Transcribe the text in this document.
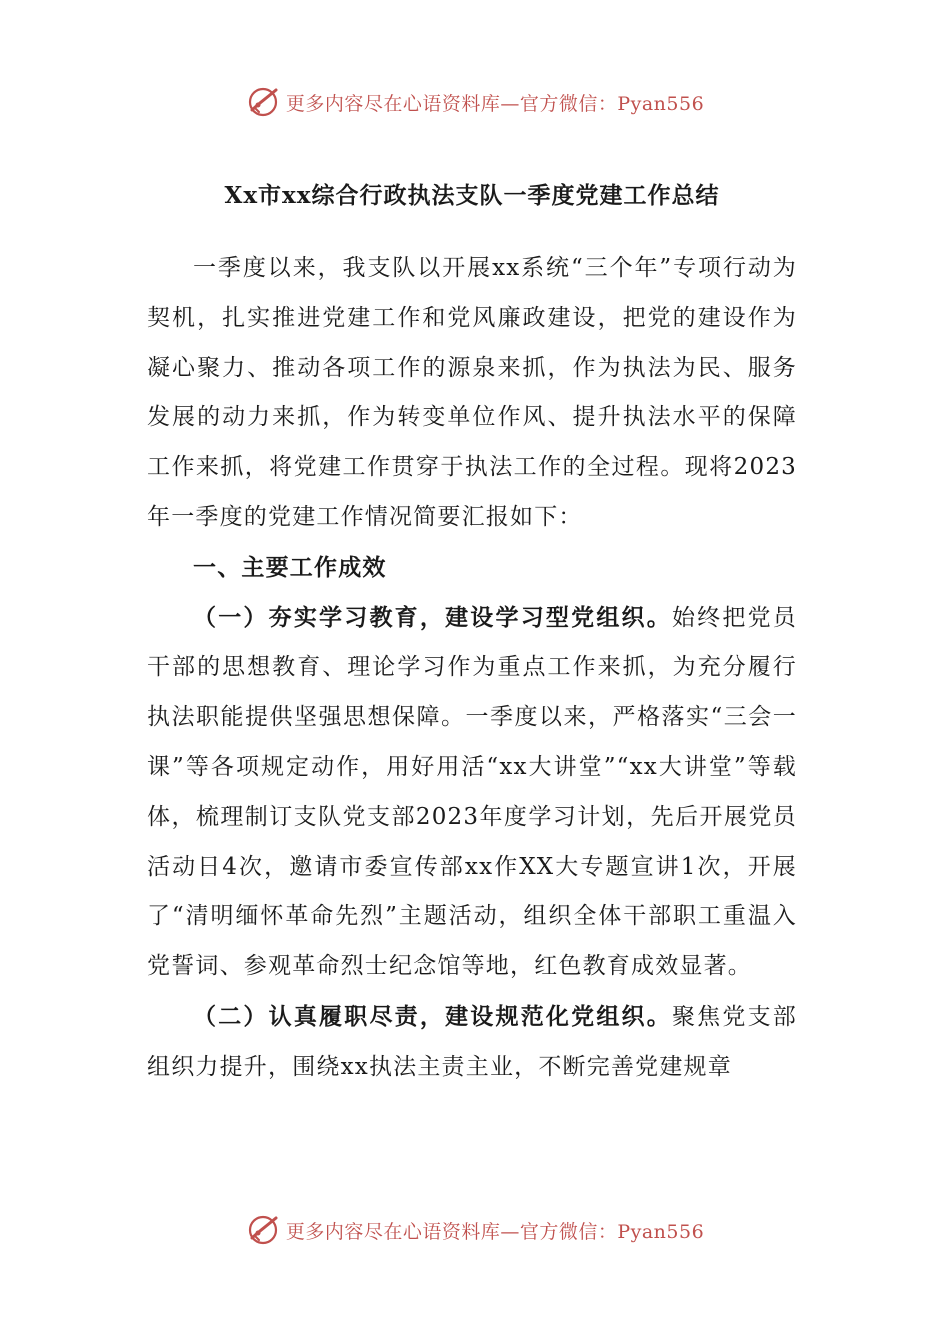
更多内容尽在心语资料库—官方微信：Pyan556
Xx市xx综合行政执法支队一季度党建工作总结

一季度以来，我支队以开展xx系统“三个年”专项行动为契机，扎实推进党建工作和党风廉政建设，把党的建设作为凝心聚力、推动各项工作的源泉来抓，作为执法为民、服务发展的动力来抓，作为转变单位作风、提升执法水平的保障工作来抓，将党建工作贯穿于执法工作的全过程。现将2023年一季度的党建工作情况简要汇报如下：

一、主要工作成效

（一）夯实学习教育，建设学习型党组织。始终把党员干部的思想教育、理论学习作为重点工作来抓，为充分履行执法职能提供坚强思想保障。一季度以来，严格落实“三会一课”等各项规定动作，用好用活“xx大讲堂”“xx大讲堂”等载体，梳理制订支队党支部2023年度学习计划，先后开展党员活动日4次，邀请市委宣传部xx作XX大专题宣讲1次，开展了“清明缅怀革命先烈”主题活动，组织全体干部职工重温入党誓词、参观革命烈士纪念馆等地，红色教育成效显著。

（二）认真履职尽责，建设规范化党组织。聚焦党支部组织力提升，围绕xx执法主责主业，不断完善党建规章

更多内容尽在心语资料库—官方微信：Pyan556
